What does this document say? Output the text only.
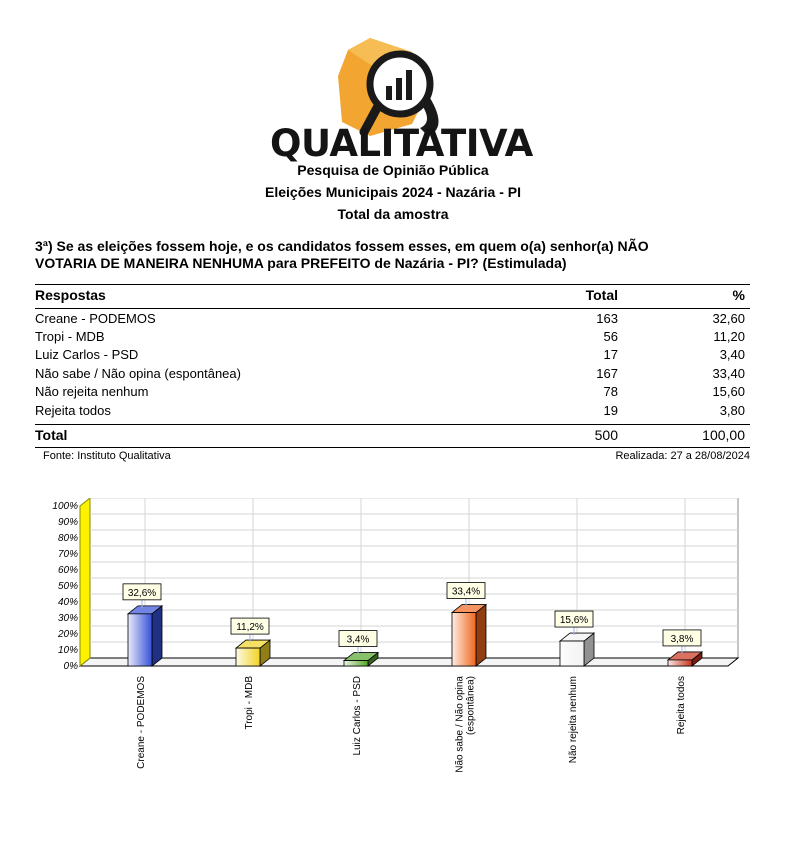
QUALITATIVA
Pesquisa de Opinião Pública
Eleições Municipais 2024 - Nazária - PI
Total da amostra
3ª) Se as eleições fossem hoje, e os candidatos fossem esses, em quem o(a) senhor(a) NÃO
VOTARIA DE MANEIRA NENHUMA para PREFEITO de Nazária - PI? (Estimulada)
Respostas	Total	%
Creane - PODEMOS	163	32,60
Tropi - MDB	56	11,20
Luiz Carlos - PSD	17	3,40
Não sabe / Não opina (espontânea)	167	33,40
Não rejeita nenhum	78	15,60
Rejeita todos	19	3,80
Total	500	100,00
Fonte: Instituto Qualitativa	Realizada: 27 a 28/08/2024
0%
10%
20%
30%
40%
50%
60%
70%
80%
90%
100%
32,6%
Creane - PODEMOS
11,2%
Tropi - MDB
3,4%
Luiz Carlos - PSD
33,4%
Não sabe / Não opina (espontânea)
15,6%
Não rejeita nenhum
3,8%
Rejeita todos
